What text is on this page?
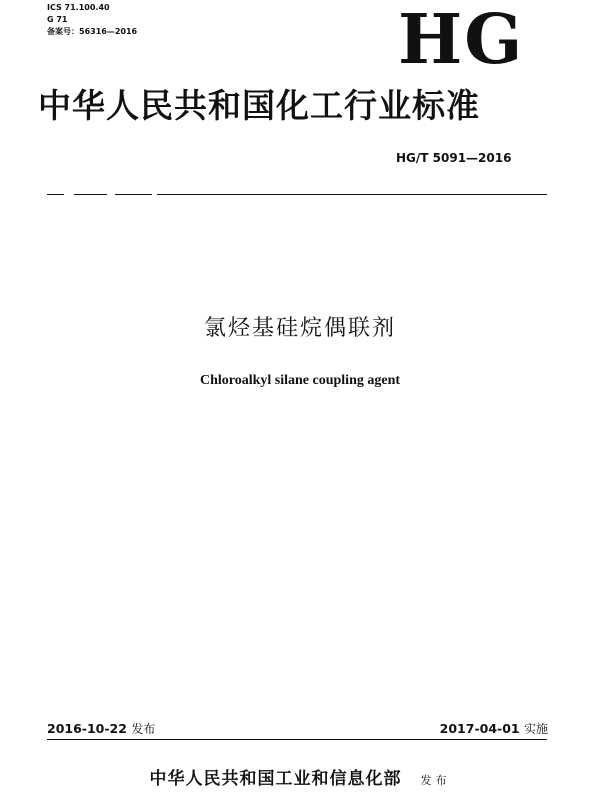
ICS 71.100.40
G 71
备案号：56316—2016	HG
中华人民共和国化工行业标准
HG/T 5091—2016
氯烃基硅烷偶联剂
Chloroalkyl silane coupling agent
2016-10-22 发布	2017-04-01 实施
中华人民共和国工业和信息化部 发布
